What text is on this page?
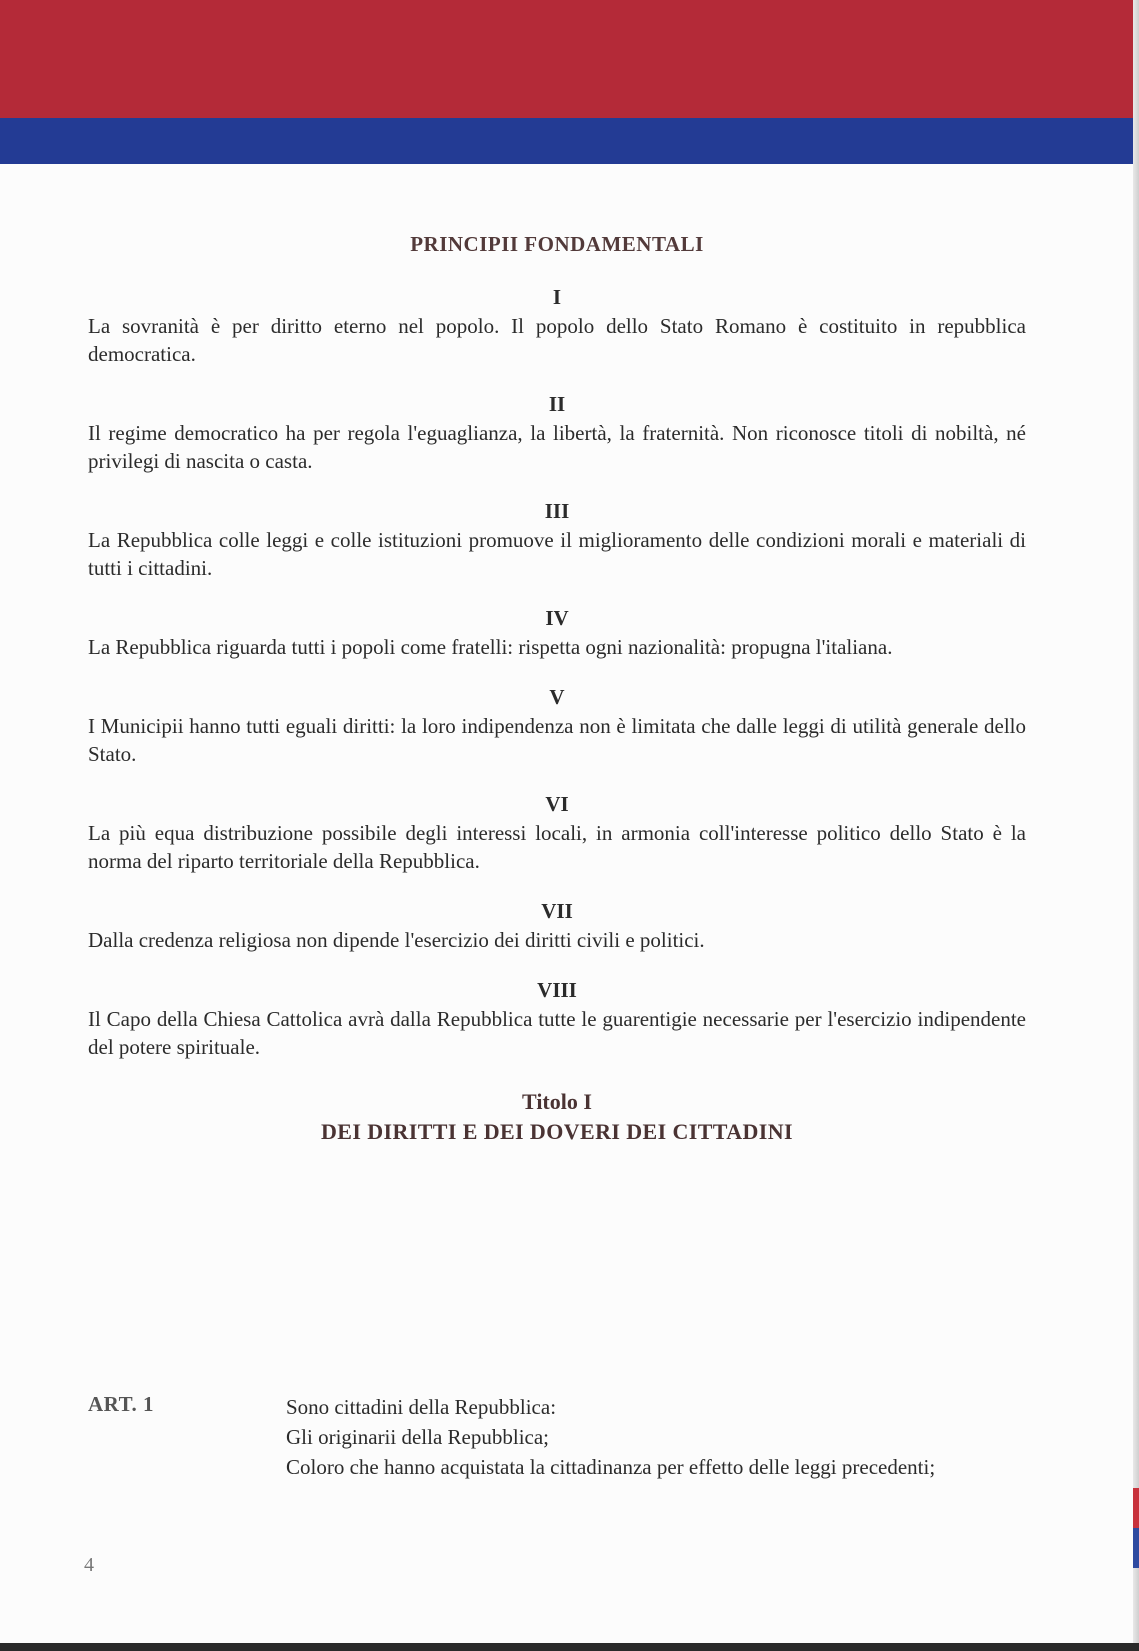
PRINCIPII FONDAMENTALI
I

La sovranità è per diritto eterno nel popolo. Il popolo dello Stato Romano è costituito in repubblica democratica.

II

Il regime democratico ha per regola l'eguaglianza, la libertà, la fraternità. Non riconosce titoli di nobiltà, né privilegi di nascita o casta.

III

La Repubblica colle leggi e colle istituzioni promuove il miglioramento delle condizioni morali e materiali di tutti i cittadini.

IV

La Repubblica riguarda tutti i popoli come fratelli: rispetta ogni nazionalità: propugna l'italiana.

V

I Municipii hanno tutti eguali diritti: la loro indipendenza non è limitata che dalle leggi di utilità generale dello Stato.

VI

La più equa distribuzione possibile degli interessi locali, in armonia coll'interesse politico dello Stato è la norma del riparto territoriale della Repubblica.

VII

Dalla credenza religiosa non dipende l'esercizio dei diritti civili e politici.

VIII

Il Capo della Chiesa Cattolica avrà dalla Repubblica tutte le guarentigie necessarie per l'esercizio indipendente del potere spirituale.

Titolo I
DEI DIRITTI E DEI DOVERI DEI CITTADINI
ART. 1	Sono cittadini della Repubblica:

Gli originarii della Repubblica;

Coloro che hanno acquistata la cittadinanza per effetto delle leggi precedenti;

4
